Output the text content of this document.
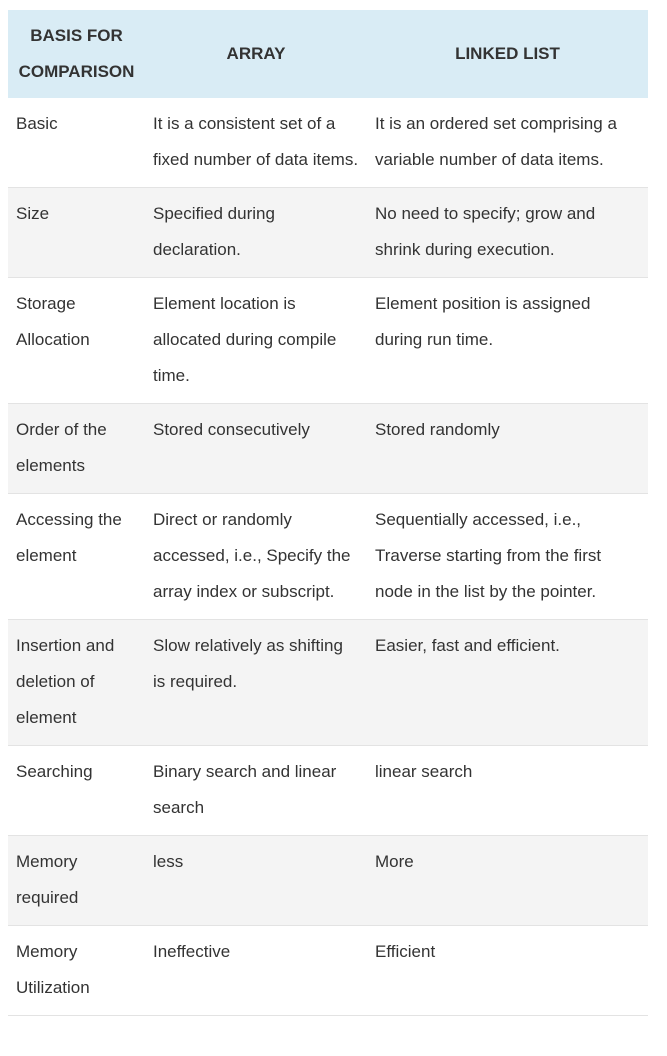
BASIS FOR COMPARISON	ARRAY	LINKED LIST
Basic	It is a consistent set of a fixed number of data items.	It is an ordered set comprising a variable number of data items.
Size	Specified during declaration.	No need to specify; grow and shrink during execution.
Storage Allocation	Element location is allocated during compile time.	Element position is assigned during run time.
Order of the elements	Stored consecutively	Stored randomly
Accessing the element	Direct or randomly accessed, i.e., Specify the array index or subscript.	Sequentially accessed, i.e., Traverse starting from the first node in the list by the pointer.
Insertion and deletion of element	Slow relatively as shifting is required.	Easier, fast and efficient.
Searching	Binary search and linear search	linear search
Memory required	less	More
Memory Utilization	Ineffective	Efficient
